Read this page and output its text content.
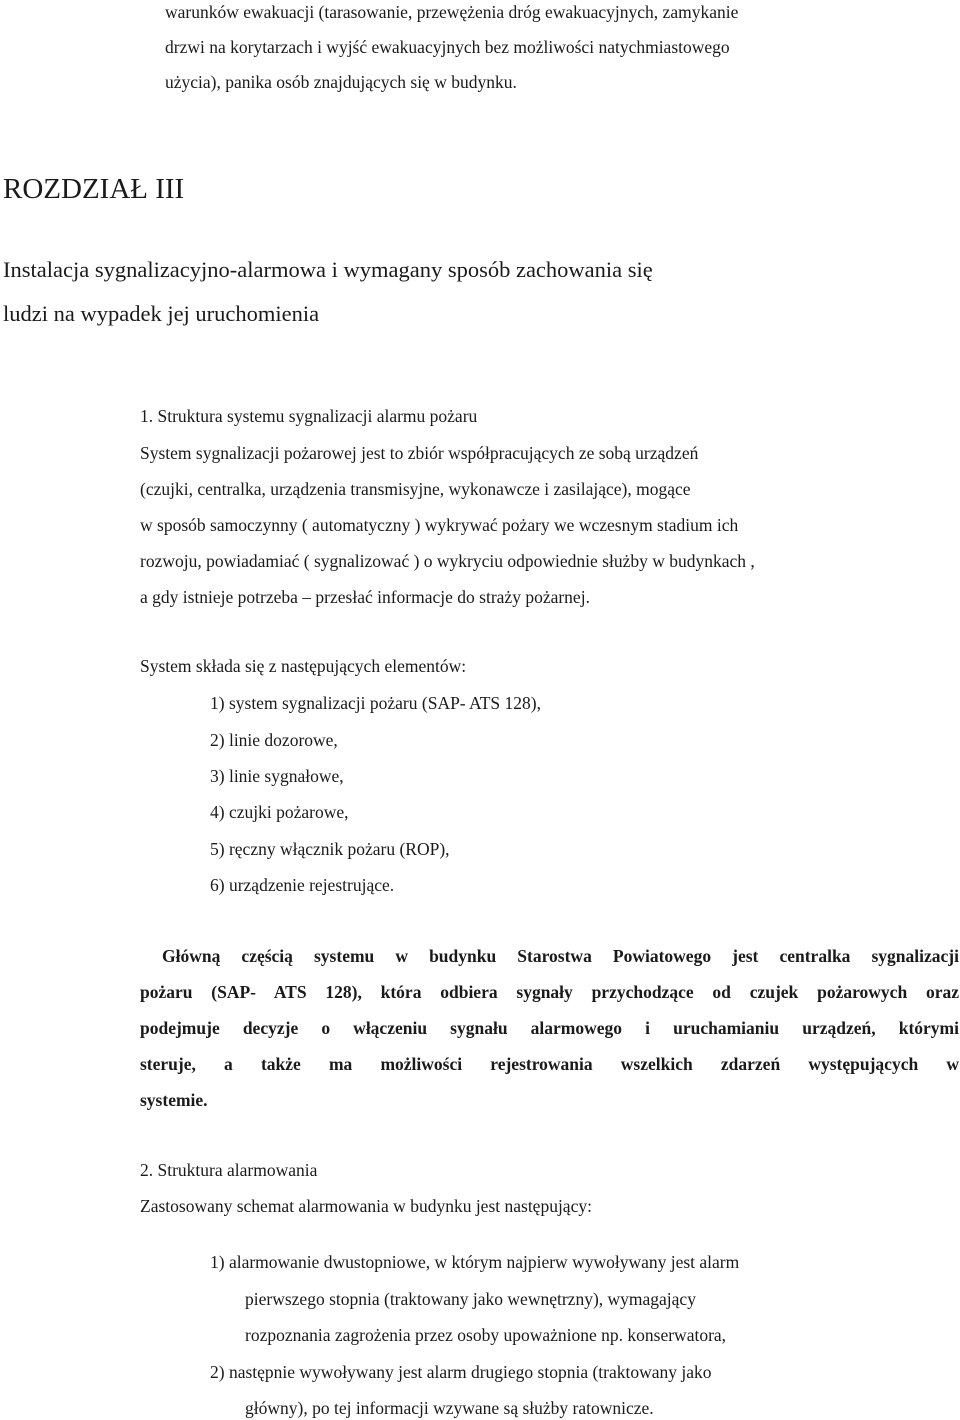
warunków ewakuacji (tarasowanie, przewężenia dróg ewakuacyjnych, zamykanie
drzwi na korytarzach i wyjść ewakuacyjnych bez możliwości natychmiastowego
użycia), panika osób znajdujących się w budynku.
ROZDZIAŁ III
Instalacja sygnalizacyjno-alarmowa i wymagany sposób zachowania się
ludzi na wypadek jej uruchomienia
1. Struktura systemu sygnalizacji alarmu pożaru
System sygnalizacji pożarowej jest to zbiór współpracujących ze sobą urządzeń
(czujki, centralka, urządzenia transmisyjne, wykonawcze i zasilające), mogące
w sposób samoczynny ( automatyczny ) wykrywać pożary we wczesnym stadium ich
rozwoju, powiadamiać ( sygnalizować ) o wykryciu odpowiednie służby w budynkach ,
a gdy istnieje potrzeba – przesłać informacje do straży pożarnej.
System składa się z następujących elementów:
1) system sygnalizacji pożaru (SAP- ATS 128),
2) linie dozorowe,
3) linie sygnałowe,
4) czujki pożarowe,
5) ręczny włącznik pożaru (ROP),
6) urządzenie rejestrujące.
Główną częścią systemu w budynku Starostwa Powiatowego jest centralka sygnalizacji
pożaru (SAP- ATS 128), która odbiera sygnały przychodzące od czujek pożarowych oraz
podejmuje decyzje o włączeniu sygnału alarmowego i uruchamianiu urządzeń, którymi
steruje, a także ma możliwości rejestrowania wszelkich zdarzeń występujących w
systemie.
2. Struktura alarmowania
Zastosowany schemat alarmowania w budynku jest następujący:
1) alarmowanie dwustopniowe, w którym najpierw wywoływany jest alarm
pierwszego stopnia (traktowany jako wewnętrzny), wymagający
rozpoznania zagrożenia przez osoby upoważnione np. konserwatora,
2) następnie wywoływany jest alarm drugiego stopnia (traktowany jako
główny), po tej informacji wzywane są służby ratownicze.
